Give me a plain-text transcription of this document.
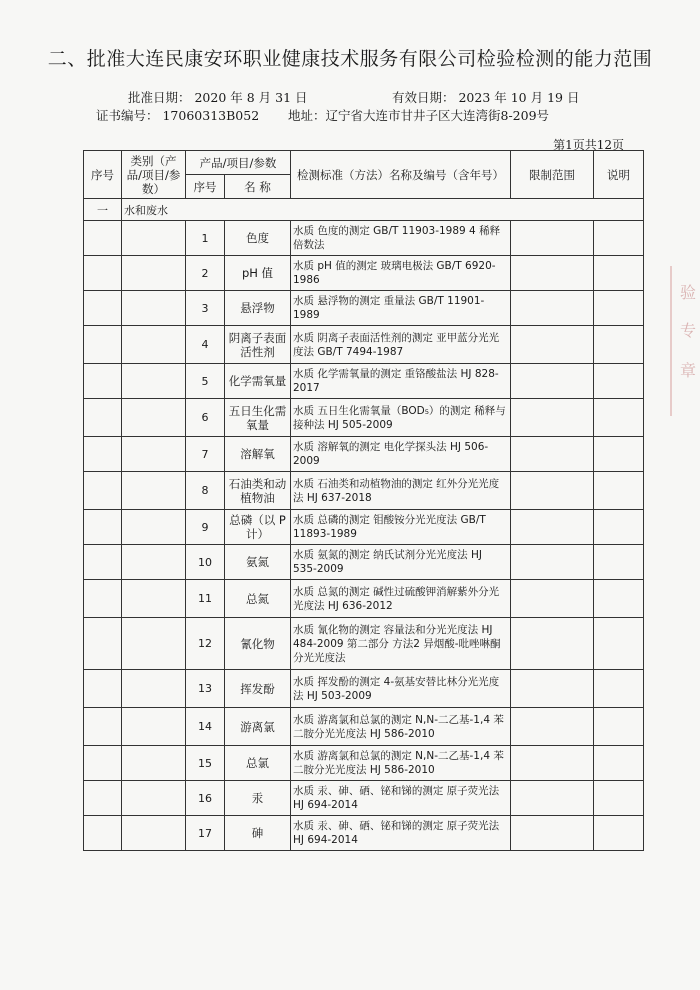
二、批准大连民康安环职业健康技术服务有限公司检验检测的能力范围
批准日期： 2020 年 8 月 31 日	有效日期： 2023 年 10 月 19 日
证书编号： 17060313B052 地址：辽宁省大连市甘井子区大连湾街8-209号
第1页共12页
序号	类别（产品/项目/参数）	产品/项目/参数		检测标准（方法）名称及编号（含年号）	限制范围	说明
		序号	名 称			
一	水和废水					
		1	色度	水质 色度的测定 GB/T 11903-1989 4 稀释倍数法		
		2	pH 值	水质 pH 值的测定 玻璃电极法 GB/T 6920-1986		
		3	悬浮物	水质 悬浮物的测定 重量法 GB/T 11901-1989		
		4	阴离子表面活性剂	水质 阴离子表面活性剂的测定 亚甲蓝分光光度法 GB/T 7494-1987		
		5	化学需氧量	水质 化学需氧量的测定 重铬酸盐法 HJ 828-2017		
		6	五日生化需氧量	水质 五日生化需氧量（BOD₅）的测定 稀释与接种法 HJ 505-2009		
		7	溶解氧	水质 溶解氧的测定 电化学探头法 HJ 506-2009		
		8	石油类和动植物油	水质 石油类和动植物油的测定 红外分光光度法 HJ 637-2018		
		9	总磷（以 P 计）	水质 总磷的测定 钼酸铵分光光度法 GB/T 11893-1989		
		10	氨氮	水质 氨氮的测定 纳氏试剂分光光度法 HJ 535-2009		
		11	总氮	水质 总氮的测定 碱性过硫酸钾消解紫外分光光度法 HJ 636-2012		
		12	氰化物	水质 氰化物的测定 容量法和分光光度法 HJ 484-2009 第二部分 方法2 异烟酸-吡唑啉酮分光光度法		
		13	挥发酚	水质 挥发酚的测定 4-氨基安替比林分光光度法 HJ 503-2009		
		14	游离氯	水质 游离氯和总氯的测定 N,N-二乙基-1,4 苯二胺分光光度法 HJ 586-2010		
		15	总氯	水质 游离氯和总氯的测定 N,N-二乙基-1,4 苯二胺分光光度法 HJ 586-2010		
		16	汞	水质 汞、砷、硒、铋和锑的测定 原子荧光法 HJ 694-2014		
		17	砷	水质 汞、砷、硒、铋和锑的测定 原子荧光法 HJ 694-2014		
验
专
章
